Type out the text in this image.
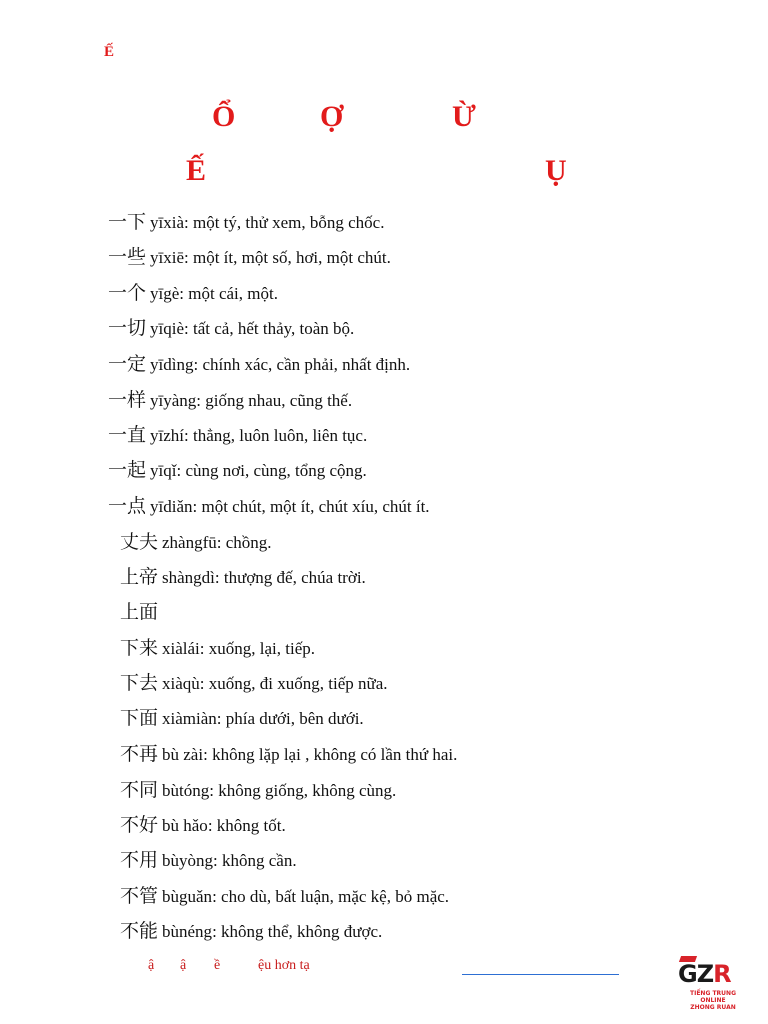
Ế
Ổ	Ợ	Ừ
Ế	Ụ
一下 yīxià: một tý, thử xem, bỗng chốc.
一些 yīxiē: một ít, một số, hơi, một chút.
一个 yīgè: một cái, một.
一切 yīqiè: tất cả, hết thảy, toàn bộ.
一定 yīdìng: chính xác, cần phải, nhất định.
一样 yīyàng: giống nhau, cũng thế.
一直 yīzhí: thẳng, luôn luôn, liên tục.
一起 yīqǐ: cùng nơi, cùng, tổng cộng.
一点 yīdiǎn: một chút, một ít, chút xíu, chút ít.
丈夫 zhàngfū: chồng.
上帝 shàngdì: thượng đế, chúa trời.
上面
下来 xiàlái: xuống, lại, tiếp.
下去 xiàqù: xuống, đi xuống, tiếp nữa.
下面 xiàmiàn: phía dưới, bên dưới.
不再 bù zài: không lặp lại , không có lần thứ hai.
不同 bùtóng: không giống, không cùng.
不好 bù hǎo: không tốt.
不用 bùyòng: không cần.
不管 bùguǎn: cho dù, bất luận, mặc kệ, bỏ mặc.
不能 bùnéng: không thể, không được.
ậ ậ ề	ệu hơn tạ	GZR
TIẾNG TRUNG ONLINE
ZHONG RUAN
